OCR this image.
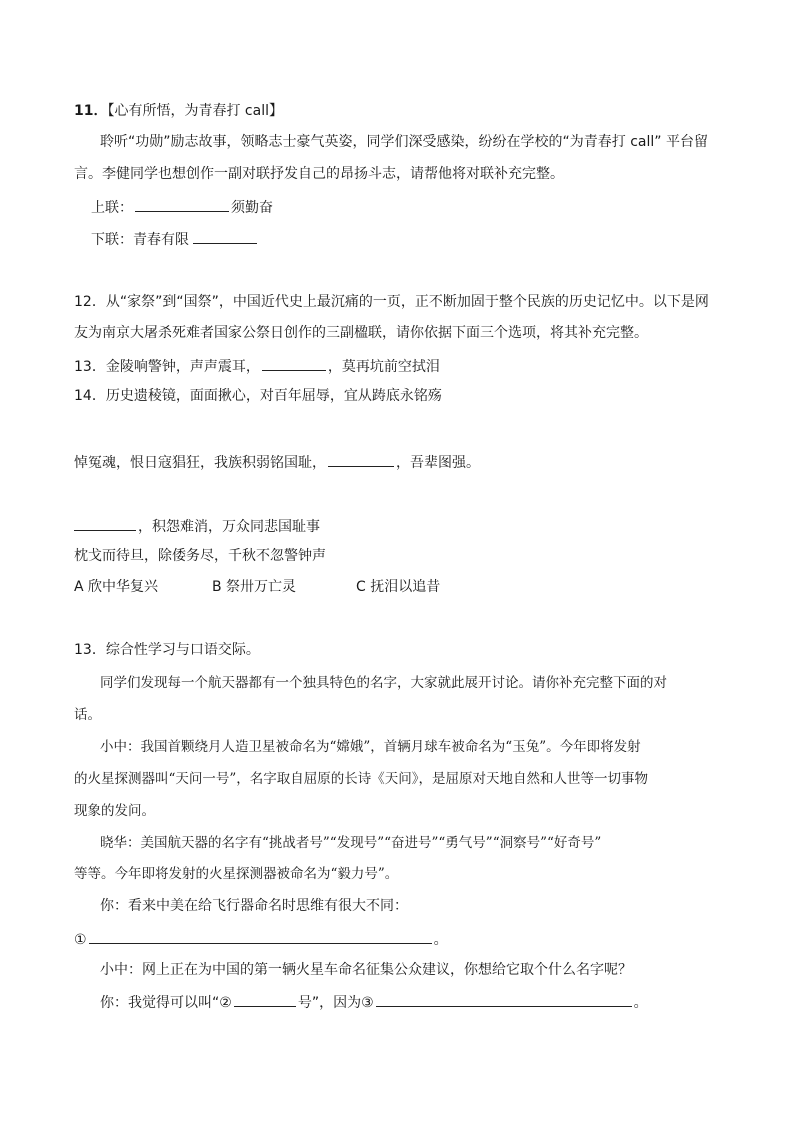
11．【心有所悟，为青春打 call】
聆听“功勋”励志故事，领略志士豪气英姿，同学们深受感染，纷纷在学校的“为青春打 call” 平台留
言。李健同学也想创作一副对联抒发自己的昂扬斗志，请帮他将对联补充完整。
上联：	须勤奋
下联：青春有限
12．从“家祭”到“国祭”，中国近代史上最沉痛的一页，正不断加固于整个民族的历史记忆中。以下是网
友为南京大屠杀死难者国家公祭日创作的三副楹联，请你依据下面三个选项，将其补充完整。
13．金陵响警钟，声声震耳，	，莫再坑前空拭泪
14．历史遗稜镜，面面揪心，对百年屈辱，宜从踌底永铭殇
悼冤魂，恨日寇猖狂，我族积弱铭国耻，	，吾辈图强。
，积怨难消，万众同悲国耻事
枕戈而待旦，除倭务尽，千秋不忽警钟声
A 欣中华复兴	B 祭卅万亡灵	C 抚泪以追昔
13．综合性学习与口语交际。
同学们发现每一个航天器都有一个独具特色的名字，大家就此展开讨论。请你补充完整下面的对
话。
小中：我国首颗绕月人造卫星被命名为“嫦娥”，首辆月球车被命名为“玉兔”。今年即将发射
的火星探测器叫“天问一号”，名字取自屈原的长诗《天问》，是屈原对天地自然和人世等一切事物
现象的发问。
晓华：美国航天器的名字有“挑战者号”“发现号”“奋进号”“勇气号”“洞察号”“好奇号”
等等。今年即将发射的火星探测器被命名为“毅力号”。
你：看来中美在给飞行器命名时思维有很大不同：
①	。
小中：网上正在为中国的第一辆火星车命名征集公众建议，你想给它取个什么名字呢？
你：我觉得可以叫“②	号”，因为③	。
